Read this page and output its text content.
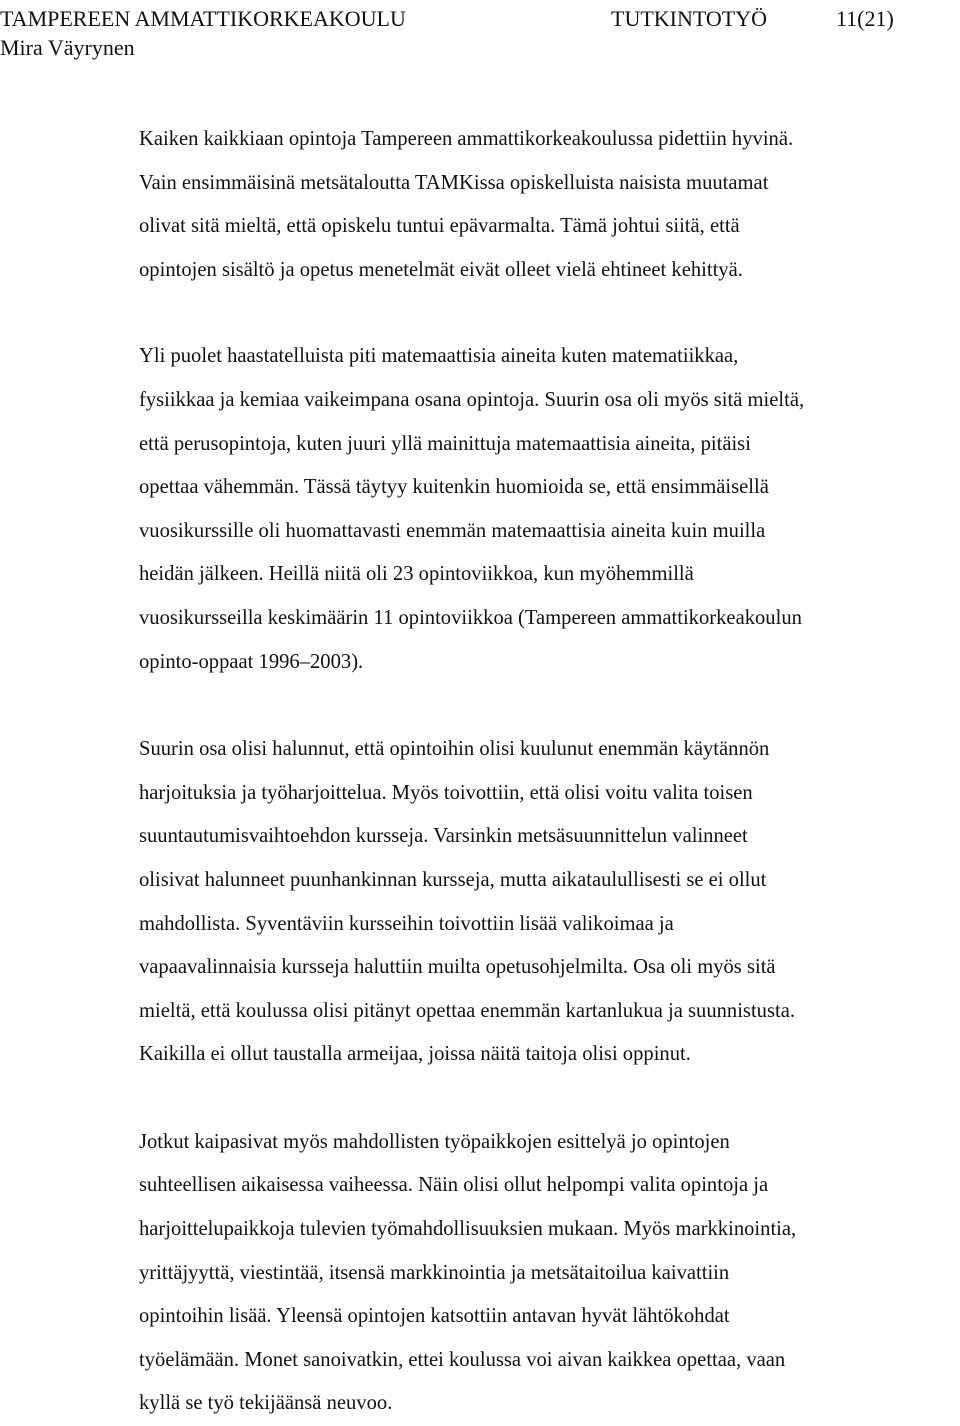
TAMPEREEN AMMATTIKORKEAKOULU	TUTKINTOTYÖ	11(21)
Mira Väyrynen

Kaiken kaikkiaan opintoja Tampereen ammattikorkeakoulussa pidettiin hyvinä.
Vain ensimmäisinä metsätaloutta TAMKissa opiskelluista naisista muutamat
olivat sitä mieltä, että opiskelu tuntui epävarmalta. Tämä johtui siitä, että
opintojen sisältö ja opetus menetelmät eivät olleet vielä ehtineet kehittyä.

Yli puolet haastatelluista piti matemaattisia aineita kuten matematiikkaa,
fysiikkaa ja kemiaa vaikeimpana osana opintoja. Suurin osa oli myös sitä mieltä,
että perusopintoja, kuten juuri yllä mainittuja matemaattisia aineita, pitäisi
opettaa vähemmän. Tässä täytyy kuitenkin huomioida se, että ensimmäisellä
vuosikurssille oli huomattavasti enemmän matemaattisia aineita kuin muilla
heidän jälkeen. Heillä niitä oli 23 opintoviikkoa, kun myöhemmillä
vuosikursseilla keskimäärin 11 opintoviikkoa (Tampereen ammattikorkeakoulun
opinto-oppaat 1996–2003).

Suurin osa olisi halunnut, että opintoihin olisi kuulunut enemmän käytännön
harjoituksia ja työharjoittelua. Myös toivottiin, että olisi voitu valita toisen
suuntautumisvaihtoehdon kursseja. Varsinkin metsäsuunnittelun valinneet
olisivat halunneet puunhankinnan kursseja, mutta aikataulullisesti se ei ollut
mahdollista. Syventäviin kursseihin toivottiin lisää valikoimaa ja
vapaavalinnaisia kursseja haluttiin muilta opetusohjelmilta. Osa oli myös sitä
mieltä, että koulussa olisi pitänyt opettaa enemmän kartanlukua ja suunnistusta.
Kaikilla ei ollut taustalla armeijaa, joissa näitä taitoja olisi oppinut.

Jotkut kaipasivat myös mahdollisten työpaikkojen esittelyä jo opintojen
suhteellisen aikaisessa vaiheessa. Näin olisi ollut helpompi valita opintoja ja
harjoittelupaikkoja tulevien työmahdollisuuksien mukaan. Myös markkinointia,
yrittäjyyttä, viestintää, itsensä markkinointia ja metsätaitoilua kaivattiin
opintoihin lisää. Yleensä opintojen katsottiin antavan hyvät lähtökohdat
työelämään. Monet sanoivatkin, ettei koulussa voi aivan kaikkea opettaa, vaan
kyllä se työ tekijäänsä neuvoo.
